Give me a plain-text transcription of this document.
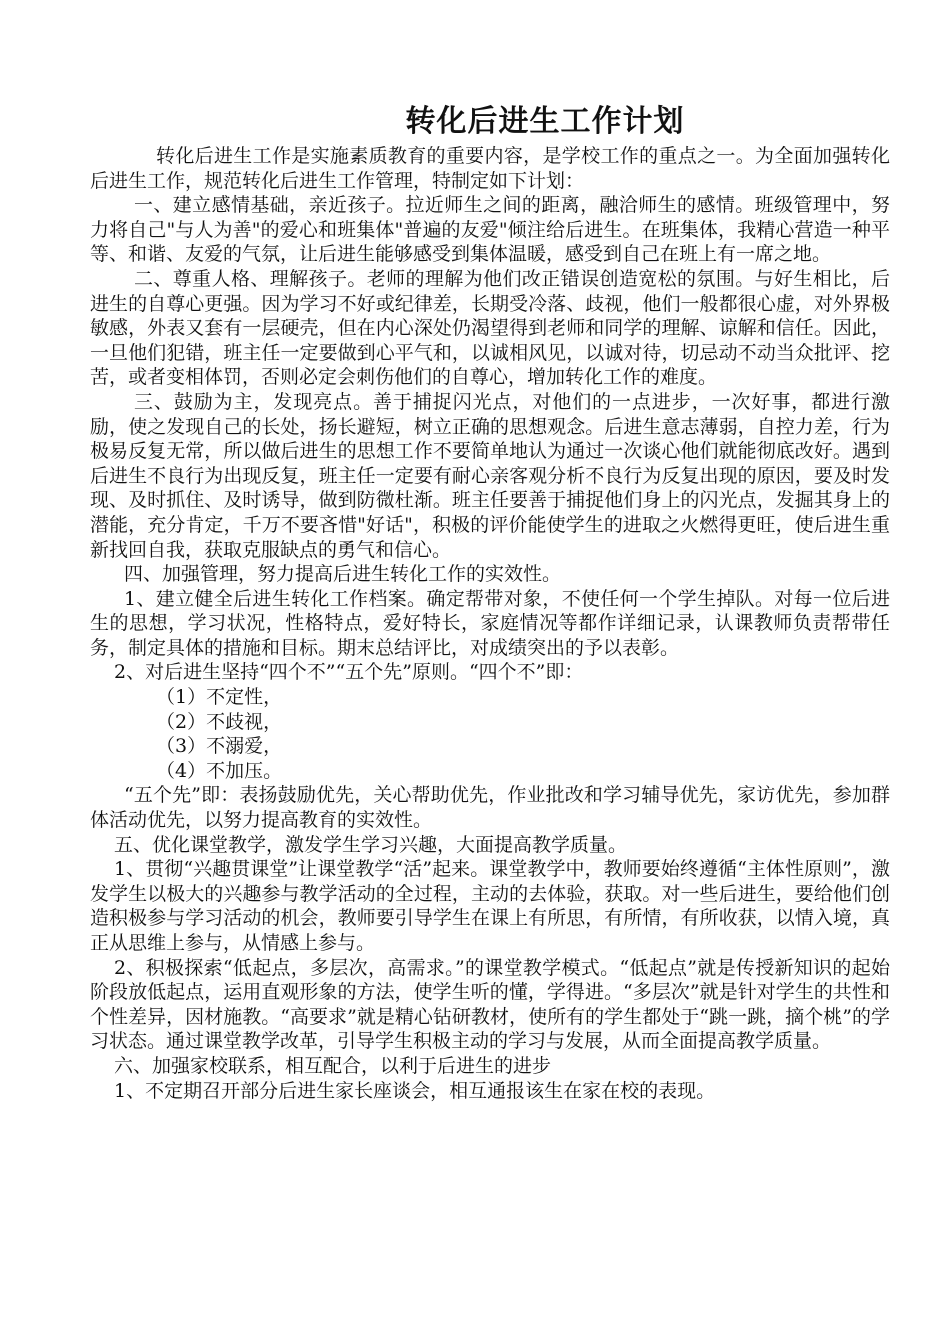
转化后进生工作计划

转化后进生工作是实施素质教育的重要内容，是学校工作的重点之一。为全面加强转化后进生工作，规范转化后进生工作管理，特制定如下计划：

一、建立感情基础，亲近孩子。拉近师生之间的距离，融洽师生的感情。班级管理中，努力将自己"与人为善"的爱心和班集体"普遍的友爱"倾注给后进生。在班集体，我精心营造一种平等、和谐、友爱的气氛，让后进生能够感受到集体温暖，感受到自己在班上有一席之地。

二、尊重人格、理解孩子。老师的理解为他们改正错误创造宽松的氛围。与好生相比，后进生的自尊心更强。因为学习不好或纪律差，长期受冷落、歧视，他们一般都很心虚，对外界极敏感，外表又套有一层硬壳，但在内心深处仍渴望得到老师和同学的理解、谅解和信任。因此，一旦他们犯错，班主任一定要做到心平气和，以诚相风见，以诚对待，切忌动不动当众批评、挖苦，或者变相体罚，否则必定会刺伤他们的自尊心，增加转化工作的难度。

三、鼓励为主，发现亮点。善于捕捉闪光点，对他们的一点进步，一次好事，都进行激励，使之发现自己的长处，扬长避短，树立正确的思想观念。后进生意志薄弱，自控力差，行为极易反复无常，所以做后进生的思想工作不要简单地认为通过一次谈心他们就能彻底改好。遇到后进生不良行为出现反复，班主任一定要有耐心亲客观分析不良行为反复出现的原因，要及时发现、及时抓住、及时诱导，做到防微杜渐。班主任要善于捕捉他们身上的闪光点，发掘其身上的潜能，充分肯定，千万不要吝惜"好话"，积极的评价能使学生的进取之火燃得更旺，使后进生重新找回自我，获取克服缺点的勇气和信心。

四、加强管理，努力提高后进生转化工作的实效性。

1、建立健全后进生转化工作档案。确定帮带对象，不使任何一个学生掉队。对每一位后进生的思想，学习状况，性格特点，爱好特长，家庭情况等都作详细记录，认课教师负责帮带任务，制定具体的措施和目标。期末总结评比，对成绩突出的予以表彰。

2、对后进生坚持“四个不”“五个先”原则。“四个不”即：

（1）不定性，

（2）不歧视，

（3）不溺爱，

（4）不加压。

“五个先”即：表扬鼓励优先，关心帮助优先，作业批改和学习辅导优先，家访优先，参加群体活动优先，以努力提高教育的实效性。

五、优化课堂教学，激发学生学习兴趣，大面提高教学质量。

1、贯彻“兴趣贯课堂”让课堂教学“活”起来。课堂教学中，教师要始终遵循“主体性原则”，激发学生以极大的兴趣参与教学活动的全过程，主动的去体验，获取。对一些后进生，要给他们创造积极参与学习活动的机会，教师要引导学生在课上有所思，有所情，有所收获，以情入境，真正从思维上参与，从情感上参与。

2、积极探索“低起点，多层次，高需求。”的课堂教学模式。“低起点”就是传授新知识的起始阶段放低起点，运用直观形象的方法，使学生听的懂，学得进。“多层次”就是针对学生的共性和个性差异，因材施教。“高要求”就是精心钻研教材，使所有的学生都处于“跳一跳，摘个桃”的学习状态。通过课堂教学改革，引导学生积极主动的学习与发展，从而全面提高教学质量。

六、加强家校联系，相互配合，以利于后进生的进步

1、不定期召开部分后进生家长座谈会，相互通报该生在家在校的表现。
